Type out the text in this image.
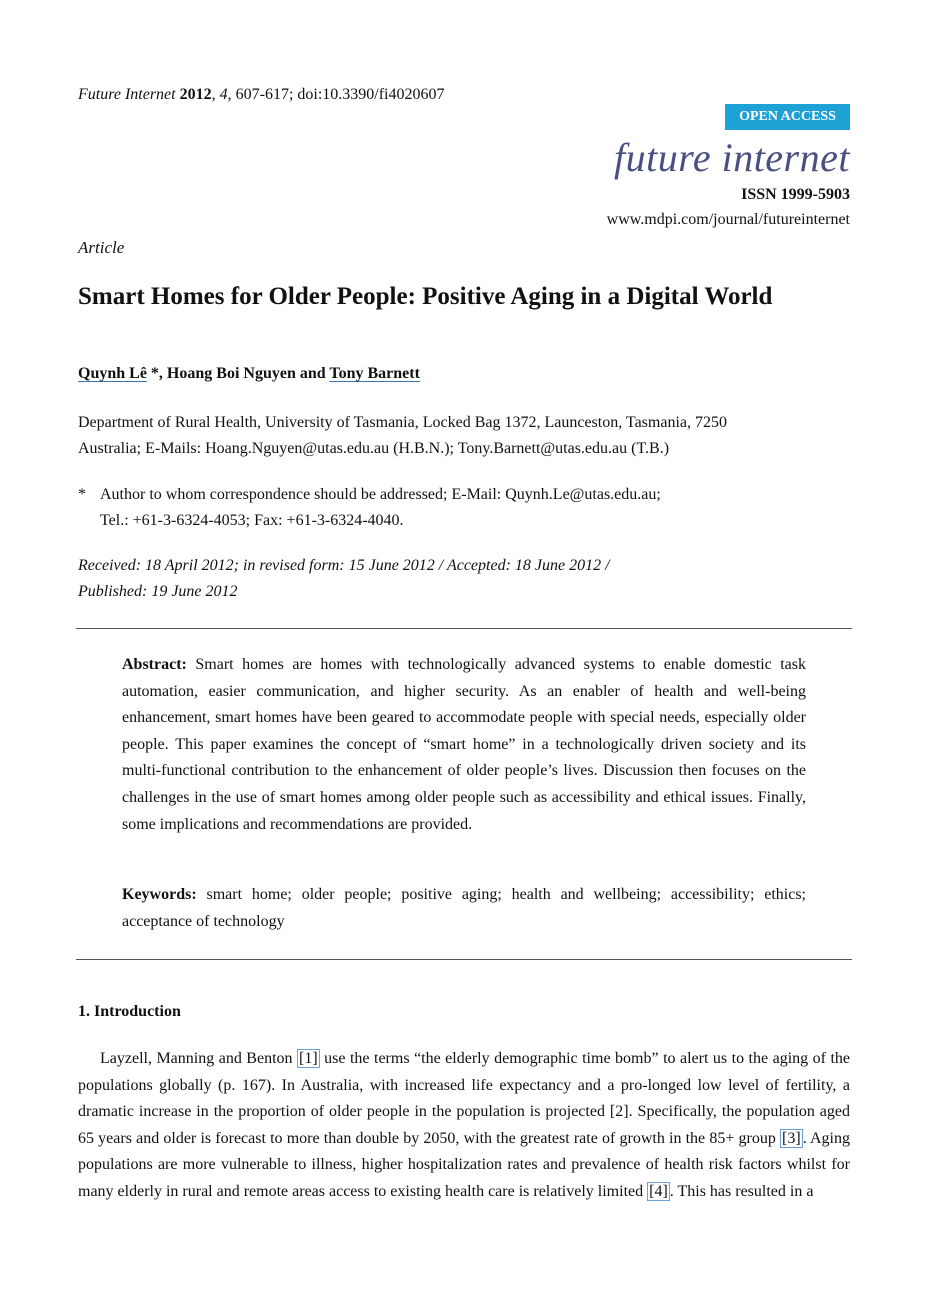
Future Internet 2012, 4, 607-617; doi:10.3390/fi4020607

OPEN ACCESS
future internet
ISSN 1999-5903
www.mdpi.com/journal/futureinternet
Article
Smart Homes for Older People: Positive Aging in a Digital World
Quynh Lê *, Hoang Boi Nguyen and Tony Barnett
Department of Rural Health, University of Tasmania, Locked Bag 1372, Launceston, Tasmania, 7250
Australia; E-Mails: Hoang.Nguyen@utas.edu.au (H.B.N.); Tony.Barnett@utas.edu.au (T.B.)
* Author to whom correspondence should be addressed; E-Mail: Quynh.Le@utas.edu.au;
Tel.: +61-3-6324-4053; Fax: +61-3-6324-4040.
Received: 18 April 2012; in revised form: 15 June 2012 / Accepted: 18 June 2012 /
Published: 19 June 2012

Abstract: Smart homes are homes with technologically advanced systems to enable domestic task automation, easier communication, and higher security. As an enabler of health and well-being enhancement, smart homes have been geared to accommodate people with special needs, especially older people. This paper examines the concept of “smart home” in a technologically driven society and its multi-functional contribution to the enhancement of older people’s lives. Discussion then focuses on the challenges in the use of smart homes among older people such as accessibility and ethical issues. Finally, some implications and recommendations are provided.

Keywords: smart home; older people; positive aging; health and wellbeing; accessibility; ethics; acceptance of technology

1. Introduction

Layzell, Manning and Benton [1] use the terms “the elderly demographic time bomb” to alert us to the aging of the populations globally (p. 167). In Australia, with increased life expectancy and a pro-longed low level of fertility, a dramatic increase in the proportion of older people in the population is projected [2]. Specifically, the population aged 65 years and older is forecast to more than double by 2050, with the greatest rate of growth in the 85+ group [3] . Aging populations are more vulnerable to illness, higher hospitalization rates and prevalence of health risk factors whilst for many elderly in rural and remote areas access to existing health care is relatively limited [4] . This has resulted in a
